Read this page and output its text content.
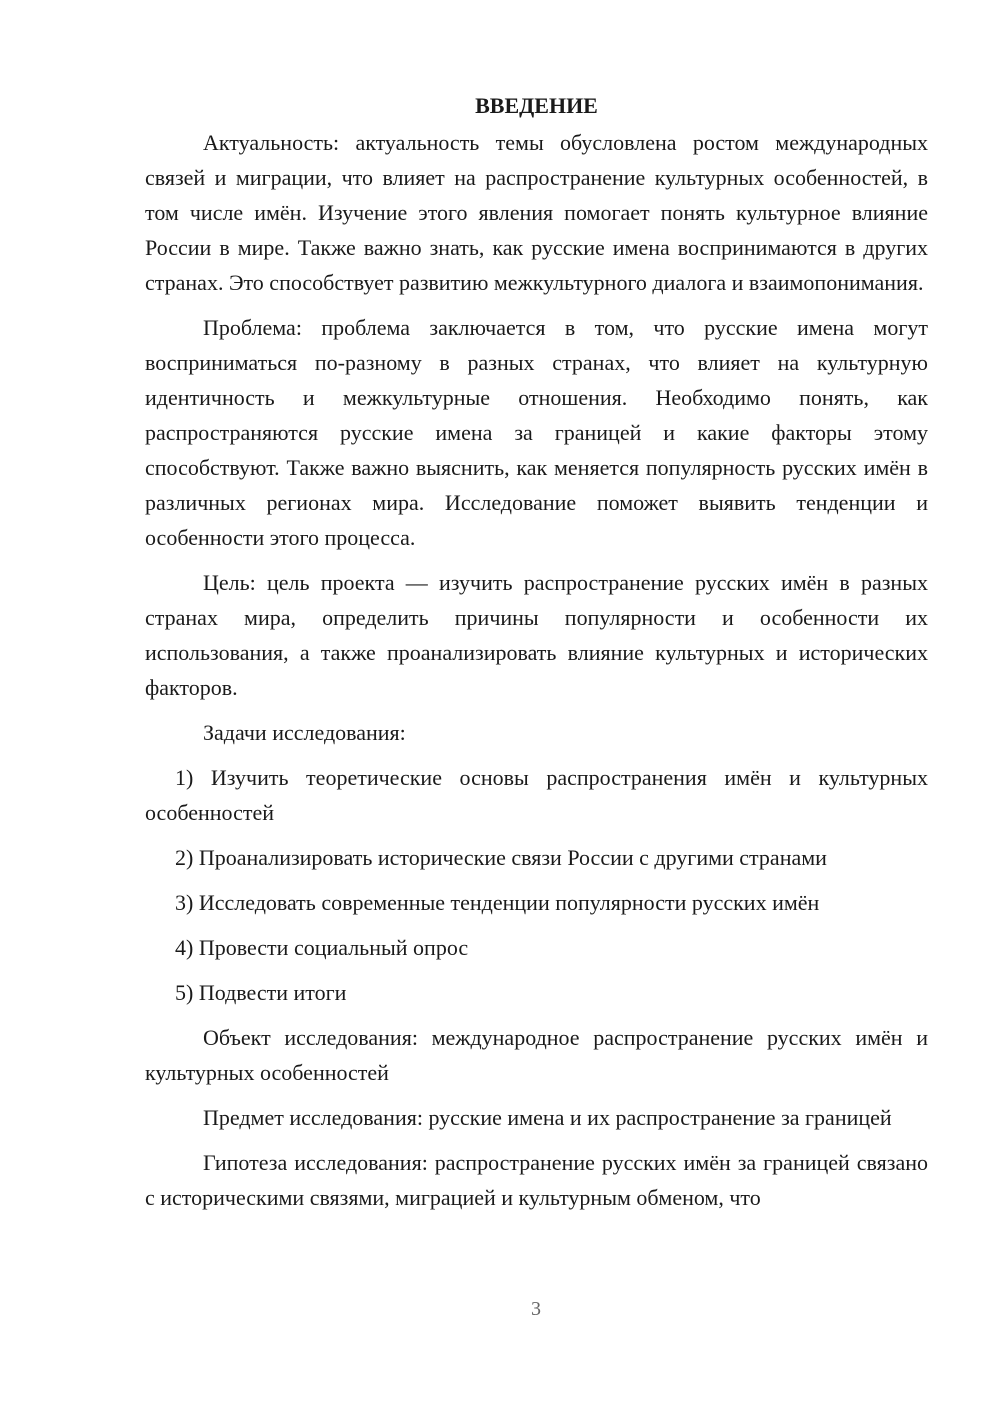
ВВЕДЕНИЕ

Актуальность: актуальность темы обусловлена ростом международных связей и миграции, что влияет на распространение культурных особенностей, в том числе имён. Изучение этого явления помогает понять культурное влияние России в мире. Также важно знать, как русские имена воспринимаются в других странах. Это способствует развитию межкультурного диалога и взаимопонимания.

Проблема: проблема заключается в том, что русские имена могут восприниматься по-разному в разных странах, что влияет на культурную идентичность и межкультурные отношения. Необходимо понять, как распространяются русские имена за границей и какие факторы этому способствуют. Также важно выяснить, как меняется популярность русских имён в различных регионах мира. Исследование поможет выявить тенденции и особенности этого процесса.

Цель: цель проекта — изучить распространение русских имён в разных странах мира, определить причины популярности и особенности их использования, а также проанализировать влияние культурных и исторических факторов.

Задачи исследования:

1) Изучить теоретические основы распространения имён и культурных особенностей

2) Проанализировать исторические связи России с другими странами

3) Исследовать современные тенденции популярности русских имён

4) Провести социальный опрос

5) Подвести итоги

Объект исследования: международное распространение русских имён и культурных особенностей

Предмет исследования: русские имена и их распространение за границей

Гипотеза исследования: распространение русских имён за границей связано с историческими связями, миграцией и культурным обменом, что

3
